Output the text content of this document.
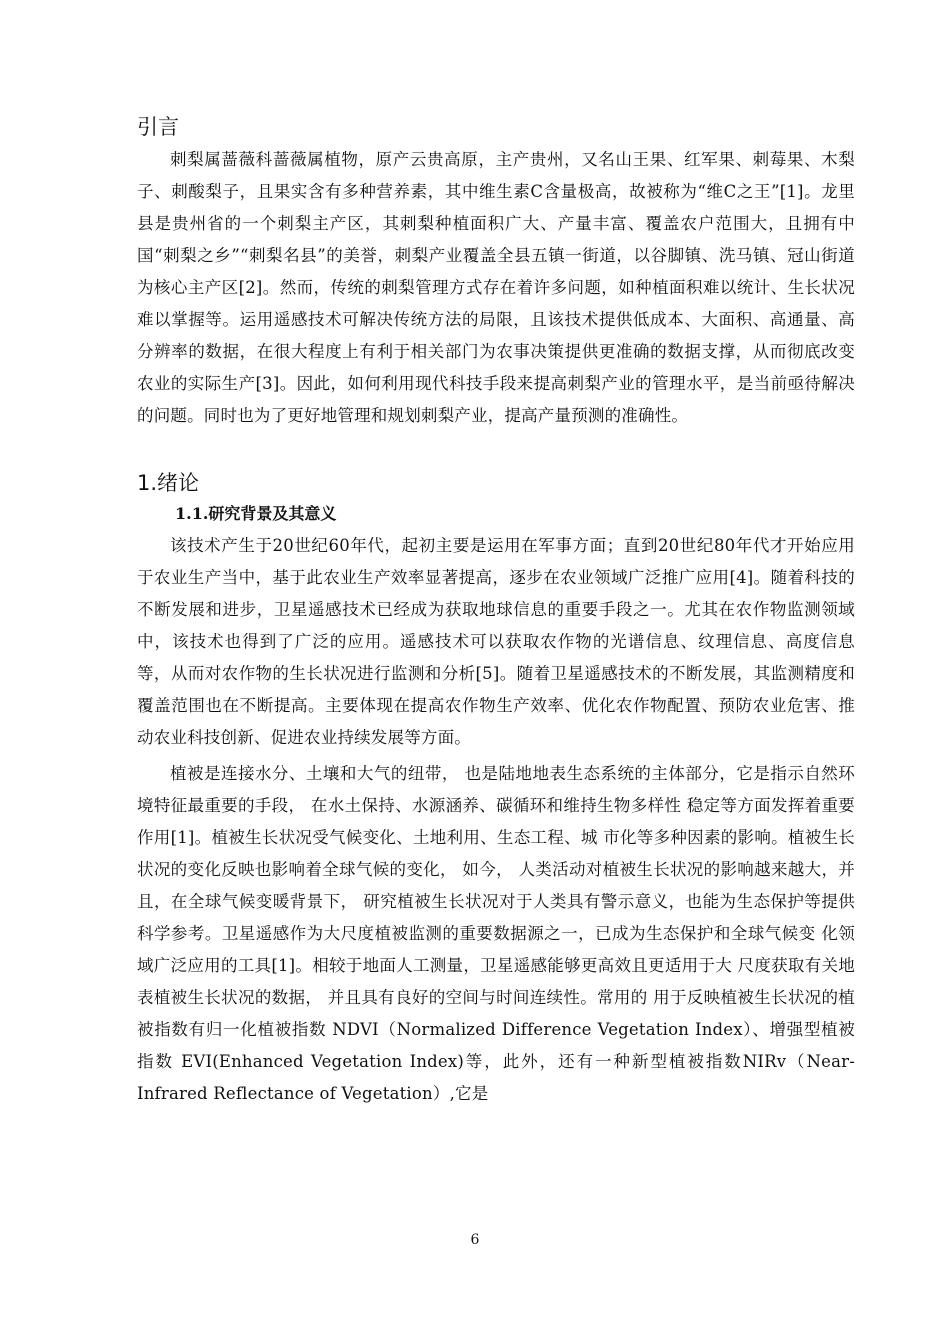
引言

刺梨属蔷薇科蔷薇属植物，原产云贵高原，主产贵州，又名山王果、红军果、刺莓果、木梨子、刺酸梨子，且果实含有多种营养素，其中维生素C含量极高，故被称为“维C之王”[1]。龙里县是贵州省的一个刺梨主产区，其刺梨种植面积广大、产量丰富、覆盖农户范围大，且拥有中国“刺梨之乡”“刺梨名县”的美誉，刺梨产业覆盖全县五镇一街道，以谷脚镇、洗马镇、冠山街道为核心主产区[2]。然而，传统的刺梨管理方式存在着许多问题，如种植面积难以统计、生长状况难以掌握等。运用遥感技术可解决传统方法的局限，且该技术提供低成本、大面积、高通量、高分辨率的数据，在很大程度上有利于相关部门为农事决策提供更准确的数据支撑，从而彻底改变农业的实际生产[3]。因此，如何利用现代科技手段来提高刺梨产业的管理水平，是当前亟待解决的问题。同时也为了更好地管理和规划刺梨产业，提高产量预测的准确性。

1.绪论
1.1.研究背景及其意义

该技术产生于20世纪60年代，起初主要是运用在军事方面；直到20世纪80年代才开始应用于农业生产当中，基于此农业生产效率显著提高，逐步在农业领域广泛推广应用[4]。随着科技的不断发展和进步，卫星遥感技术已经成为获取地球信息的重要手段之一。尤其在农作物监测领域中，该技术也得到了广泛的应用。遥感技术可以获取农作物的光谱信息、纹理信息、高度信息等，从而对农作物的生长状况进行监测和分析[5]。随着卫星遥感技术的不断发展，其监测精度和覆盖范围也在不断提高。主要体现在提高农作物生产效率、优化农作物配置、预防农业危害、推动农业科技创新、促进农业持续发展等方面。

植被是连接水分、土壤和大气的纽带， 也是陆地地表生态系统的主体部分，它是指示自然环境特征最重要的手段， 在水土保持、水源涵养、碳循环和维持生物多样性 稳定等方面发挥着重要作用[1]。植被生长状况受气候变化、土地利用、生态工程、城 市化等多种因素的影响。植被生长状况的变化反映也影响着全球气候的变化， 如今， 人类活动对植被生长状况的影响越来越大，并且，在全球气候变暖背景下， 研究植被生长状况对于人类具有警示意义，也能为生态保护等提供科学参考。卫星遥感作为大尺度植被监测的重要数据源之一，已成为生态保护和全球气候变 化领域广泛应用的工具[1]。相较于地面人工测量，卫星遥感能够更高效且更适用于大 尺度获取有关地表植被生长状况的数据， 并且具有良好的空间与时间连续性。常用的 用于反映植被生长状况的植被指数有归一化植被指数 NDVI（Normalized Difference Vegetation Index）、增强型植被指数 EVI(Enhanced Vegetation Index)等，此外，还有一种新型植被指数NIRv（Near-Infrared Reflectance of Vegetation）,它是

6
